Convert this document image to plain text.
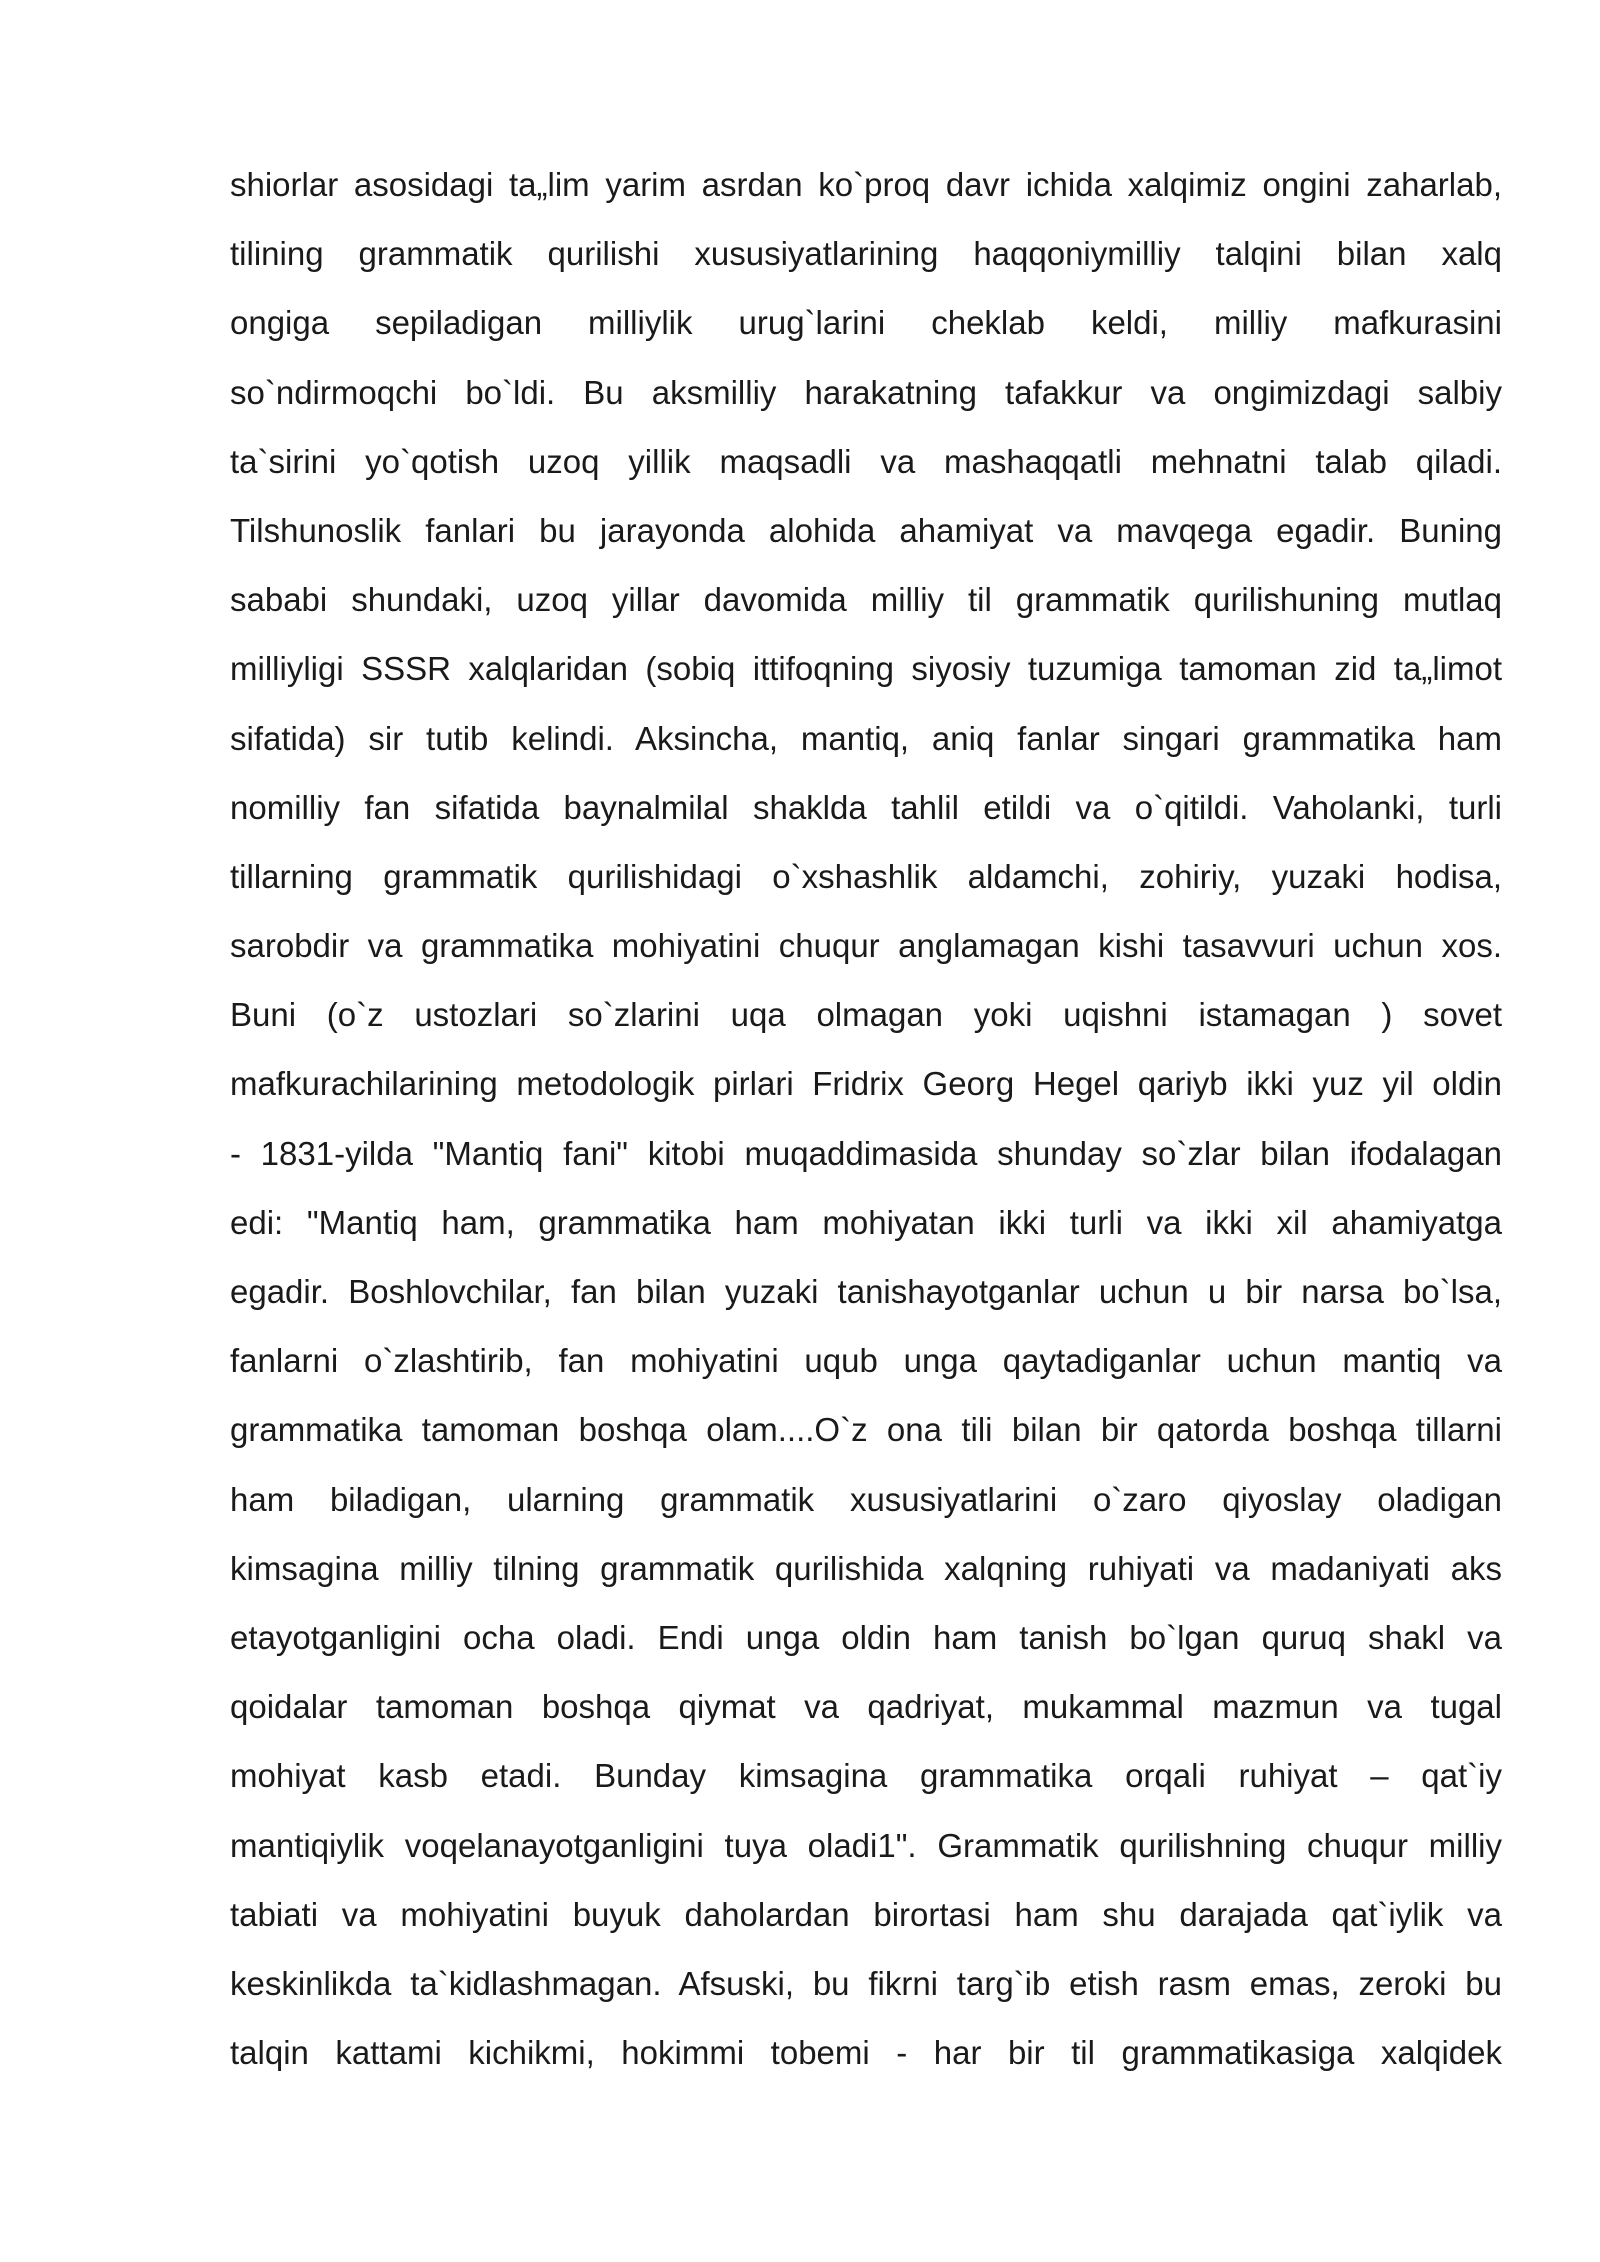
shiorlar asosidagi ta„lim yarim asrdan ko`proq davr ichida xalqimiz ongini zaharlab,
tilining grammatik qurilishi xususiyatlarining haqqoniymilliy talqini bilan xalq
ongiga sepiladigan milliylik urug`larini cheklab keldi, milliy mafkurasini
so`ndirmoqchi bo`ldi. Bu aksmilliy harakatning tafakkur va ongimizdagi salbiy
ta`sirini yo`qotish uzoq yillik maqsadli va mashaqqatli mehnatni talab qiladi.
Tilshunoslik fanlari bu jarayonda alohida ahamiyat va mavqega egadir. Buning
sababi shundaki, uzoq yillar davomida milliy til grammatik qurilishuning mutlaq
milliyligi SSSR xalqlaridan (sobiq ittifoqning siyosiy tuzumiga tamoman zid ta„limot
sifatida) sir tutib kelindi. Aksincha, mantiq, aniq fanlar singari grammatika ham
nomilliy fan sifatida baynalmilal shaklda tahlil etildi va o`qitildi. Vaholanki, turli
tillarning grammatik qurilishidagi o`xshashlik aldamchi, zohiriy, yuzaki hodisa,
sarobdir va grammatika mohiyatini chuqur anglamagan kishi tasavvuri uchun xos.
Buni (o`z ustozlari so`zlarini uqa olmagan yoki uqishni istamagan ) sovet
mafkurachilarining metodologik pirlari Fridrix Georg Hegel qariyb ikki yuz yil oldin
- 1831-yilda "Mantiq fani" kitobi muqaddimasida shunday so`zlar bilan ifodalagan
edi: "Mantiq ham, grammatika ham mohiyatan ikki turli va ikki xil ahamiyatga
egadir. Boshlovchilar, fan bilan yuzaki tanishayotganlar uchun u bir narsa bo`lsa,
fanlarni o`zlashtirib, fan mohiyatini uqub unga qaytadiganlar uchun mantiq va
grammatika tamoman boshqa olam....O`z ona tili bilan bir qatorda boshqa tillarni
ham biladigan, ularning grammatik xususiyatlarini o`zaro qiyoslay oladigan
kimsagina milliy tilning grammatik qurilishida xalqning ruhiyati va madaniyati aks
etayotganligini ocha oladi. Endi unga oldin ham tanish bo`lgan quruq shakl va
qoidalar tamoman boshqa qiymat va qadriyat, mukammal mazmun va tugal
mohiyat kasb etadi. Bunday kimsagina grammatika orqali ruhiyat – qat`iy
mantiqiylik voqelanayotganligini tuya oladi1". Grammatik qurilishning chuqur milliy
tabiati va mohiyatini buyuk daholardan birortasi ham shu darajada qat`iylik va
keskinlikda ta`kidlashmagan. Afsuski, bu fikrni targ`ib etish rasm emas, zeroki bu
talqin kattami kichikmi, hokimmi tobemi - har bir til grammatikasiga xalqidek
